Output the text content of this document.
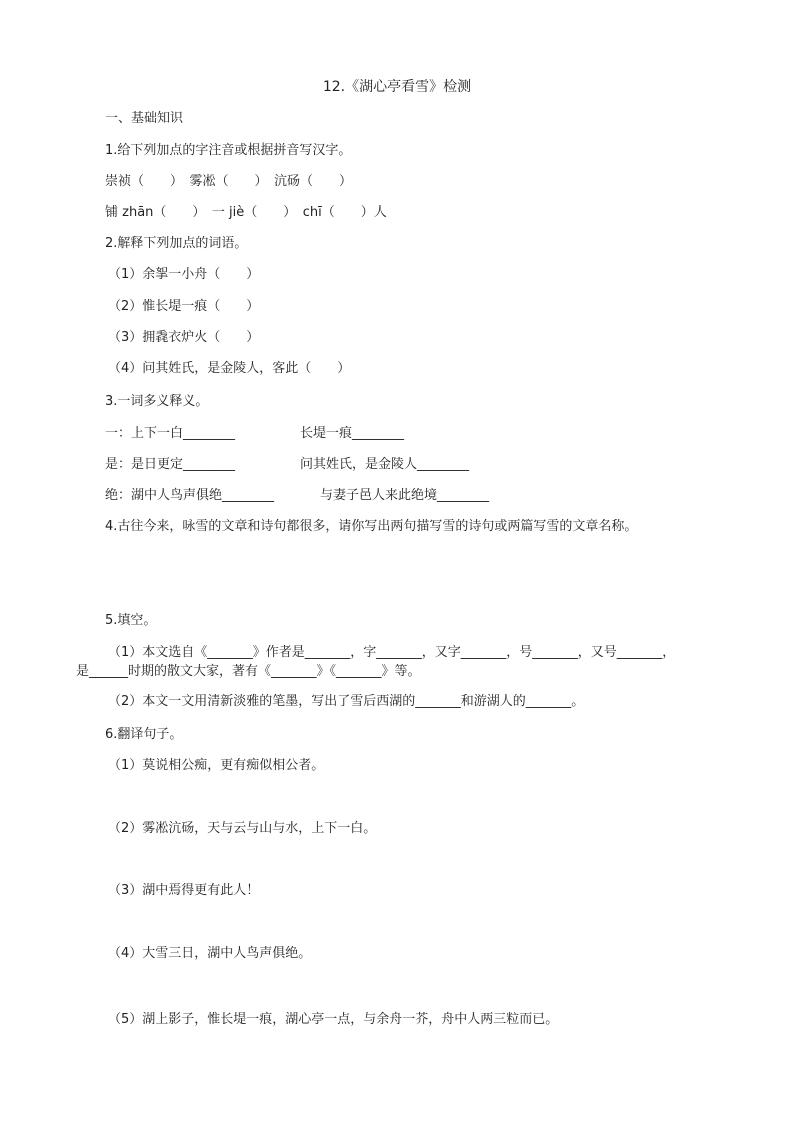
12.《湖心亭看雪》检测
一、基础知识
1.给下列加点的字注音或根据拼音写汉字。
崇祯（　　）　雾凇（　　）　沆砀（　　）
铺 zhān（　　）　一 jiè（　　）　chī（　　）人
2.解释下列加点的词语。
（1）余挐一小舟（　　）
（2）惟长堤一痕（　　）
（3）拥毳衣炉火（　　）
（4）问其姓氏，是金陵人，客此（　　）
3.一词多义释义。
一：上下一白________	长堤一痕________
是：是日更定________	问其姓氏，是金陵人________
绝：湖中人鸟声俱绝________	与妻子邑人来此绝境________
4.古往今来，咏雪的文章和诗句都很多，请你写出两句描写雪的诗句或两篇写雪的文章名称。
5.填空。
（1）本文选自《_______》作者是_______，字_______，又字_______，号_______，又号_______，
是______时期的散文大家，著有《_______》《_______》等。
（2）本文一文用清新淡雅的笔墨，写出了雪后西湖的_______和游湖人的_______。
6.翻译句子。
（1）莫说相公痴，更有痴似相公者。
（2）雾凇沆砀，天与云与山与水，上下一白。
（3）湖中焉得更有此人！
（4）大雪三日，湖中人鸟声俱绝。
（5）湖上影子，惟长堤一痕，湖心亭一点，与余舟一芥，舟中人两三粒而已。
